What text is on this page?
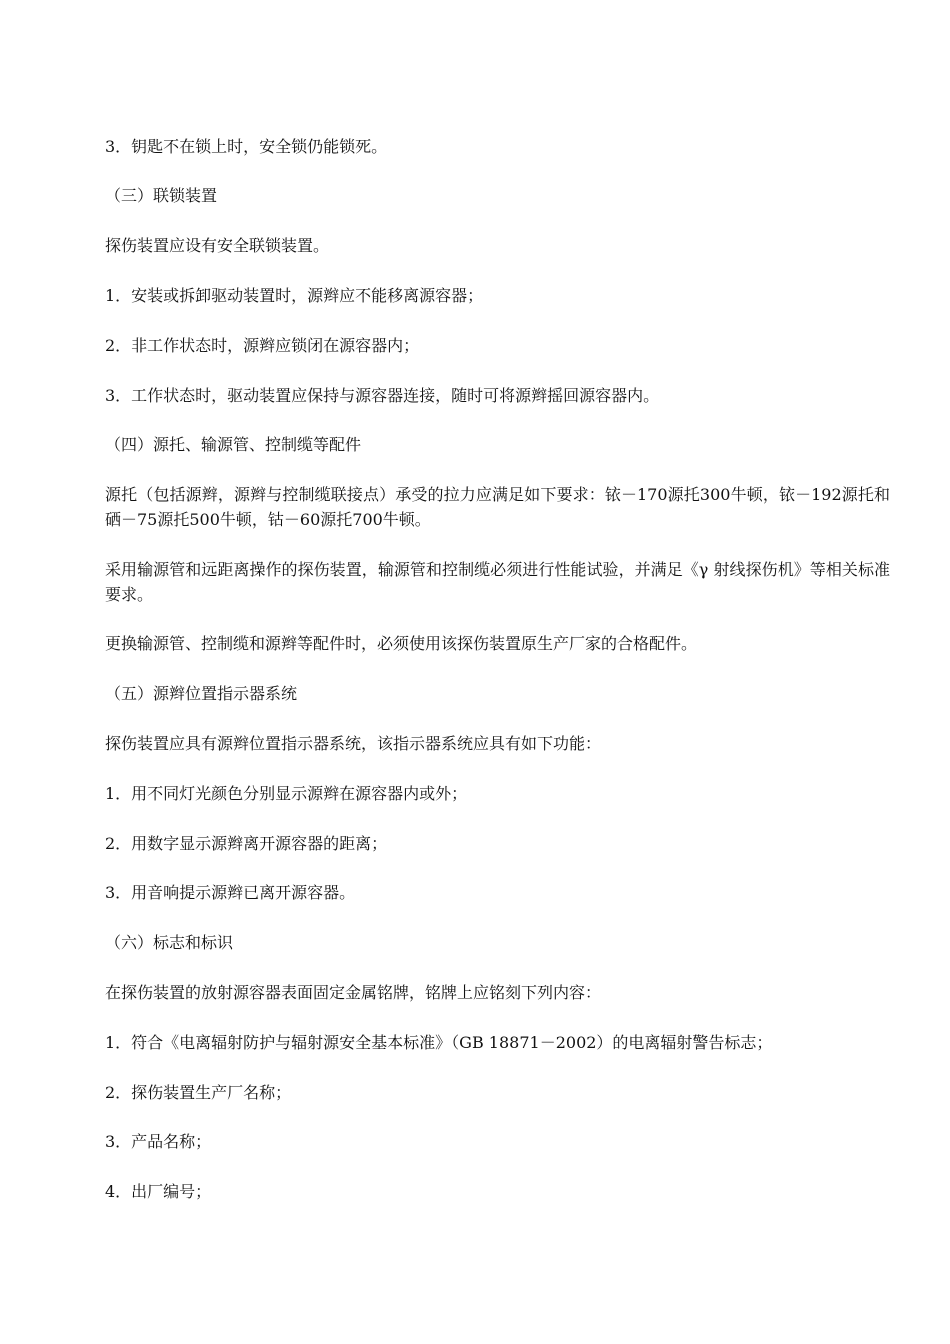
3．钥匙不在锁上时，安全锁仍能锁死。

（三）联锁装置

探伤装置应设有安全联锁装置。

1．安装或拆卸驱动装置时，源辫应不能移离源容器；

2．非工作状态时，源辫应锁闭在源容器内；

3．工作状态时，驱动装置应保持与源容器连接，随时可将源辫摇回源容器内。

（四）源托、输源管、控制缆等配件

源托（包括源辫，源辫与控制缆联接点）承受的拉力应满足如下要求：铱－170源托300牛顿，铱－192源托和硒－75源托500牛顿，钴－60源托700牛顿。

采用输源管和远距离操作的探伤装置，输源管和控制缆必须进行性能试验，并满足《γ 射线探伤机》等相关标准要求。

更换输源管、控制缆和源辫等配件时，必须使用该探伤装置原生产厂家的合格配件。

（五）源辫位置指示器系统

探伤装置应具有源辫位置指示器系统，该指示器系统应具有如下功能：

1．用不同灯光颜色分别显示源辫在源容器内或外；

2．用数字显示源辫离开源容器的距离；

3．用音响提示源辫已离开源容器。

（六）标志和标识

在探伤装置的放射源容器表面固定金属铭牌，铭牌上应铭刻下列内容：

1．符合《电离辐射防护与辐射源安全基本标准》（GB 18871－2002）的电离辐射警告标志；

2．探伤装置生产厂名称；

3．产品名称；

4．出厂编号；
